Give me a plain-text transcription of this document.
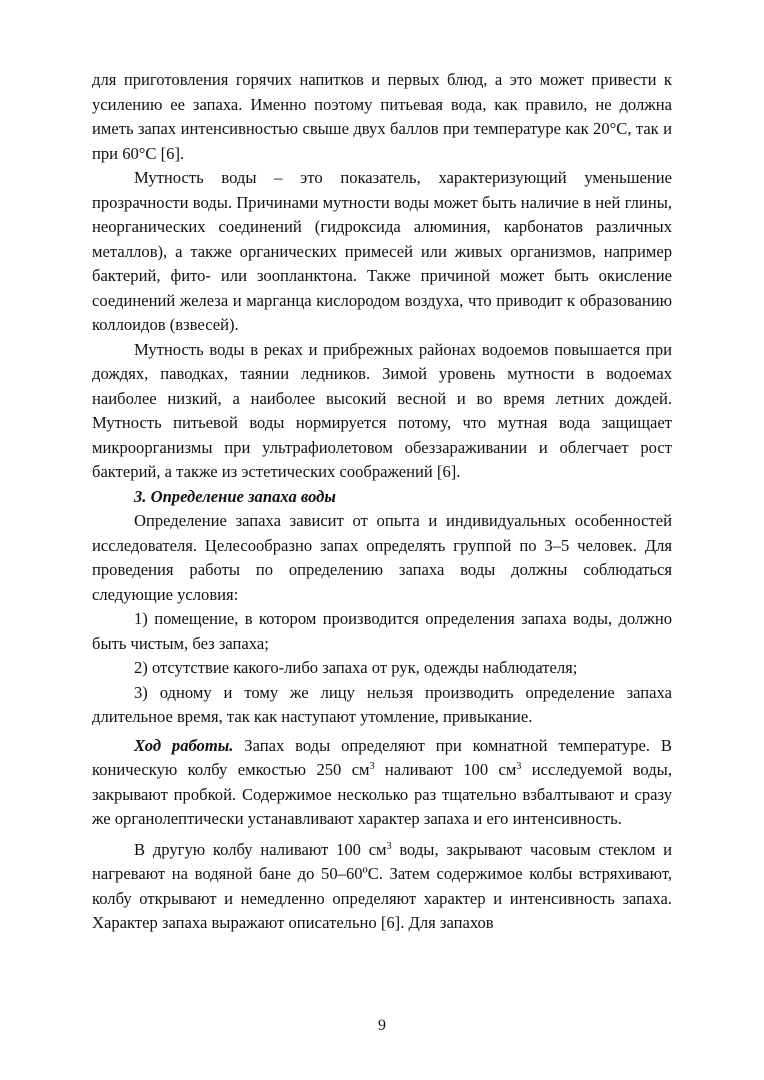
для приготовления горячих напитков и первых блюд, а это может привести к усилению ее запаха. Именно поэтому питьевая вода, как правило, не должна иметь запах интенсивностью свыше двух баллов при температуре как 20°С, так и при 60°С [6].

Мутность воды – это показатель, характеризующий уменьшение прозрачности воды. Причинами мутности воды может быть наличие в ней глины, неорганических соединений (гидроксида алюминия, карбонатов различных металлов), а также органических примесей или живых организмов, например бактерий, фито- или зоопланктона. Также причиной может быть окисление соединений железа и марганца кислородом воздуха, что приводит к образованию коллоидов (взвесей).

Мутность воды в реках и прибрежных районах водоемов повышается при дождях, паводках, таянии ледников. Зимой уровень мутности в водоемах наиболее низкий, а наиболее высокий весной и во время летних дождей. Мутность питьевой воды нормируется потому, что мутная вода защищает микроорганизмы при ультрафиолетовом обеззараживании и облегчает рост бактерий, а также из эстетических соображений [6].

3. Определение запаха воды

Определение запаха зависит от опыта и индивидуальных особенностей исследователя. Целесообразно запах определять группой по 3–5 человек. Для проведения работы по определению запаха воды должны соблюдаться следующие условия:

1) помещение, в котором производится определения запаха воды, должно быть чистым, без запаха;

2) отсутствие какого-либо запаха от рук, одежды наблюдателя;

3) одному и тому же лицу нельзя производить определение запаха длительное время, так как наступают утомление, привыкание.

Ход работы. Запах воды определяют при комнатной температуре. В коническую колбу емкостью 250 $см^3$ наливают 100 $см^3$ исследуемой воды, закрывают пробкой. Содержимое несколько раз тщательно взбалтывают и сразу же органолептически устанавливают характер запаха и его интенсивность.

В другую колбу наливают 100 $см^3$ воды, закрывают часовым стеклом и нагревают на водяной бане до 50–60ºС. Затем содержимое колбы встряхивают, колбу открывают и немедленно определяют характер и интенсивность запаха. Характер запаха выражают описательно [6]. Для запахов

9
